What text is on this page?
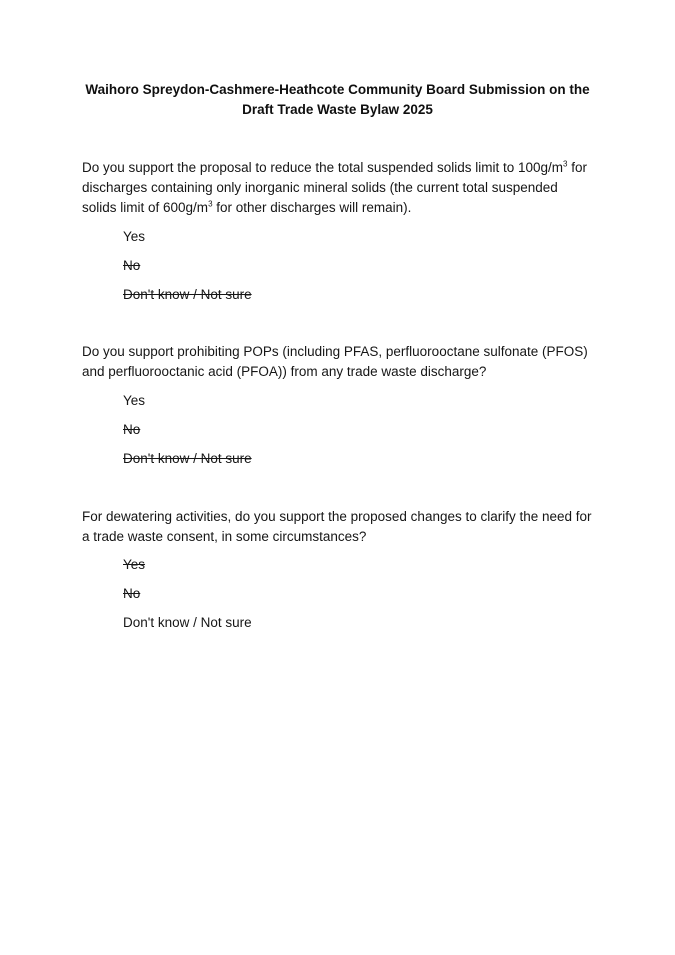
Waihoro Spreydon-Cashmere-Heathcote Community Board Submission on the Draft Trade Waste Bylaw 2025
Do you support the proposal to reduce the total suspended solids limit to $100g/m^3$ for discharges containing only inorganic mineral solids (the current total suspended solids limit of $600g/m^3$ for other discharges will remain).
Yes
No
Don't know / Not sure
Do you support prohibiting POPs (including PFAS, perfluorooctane sulfonate (PFOS) and perfluorooctanic acid (PFOA)) from any trade waste discharge?
Yes
No
Don't know / Not sure
For dewatering activities, do you support the proposed changes to clarify the need for a trade waste consent, in some circumstances?
Yes
No
Don't know / Not sure
